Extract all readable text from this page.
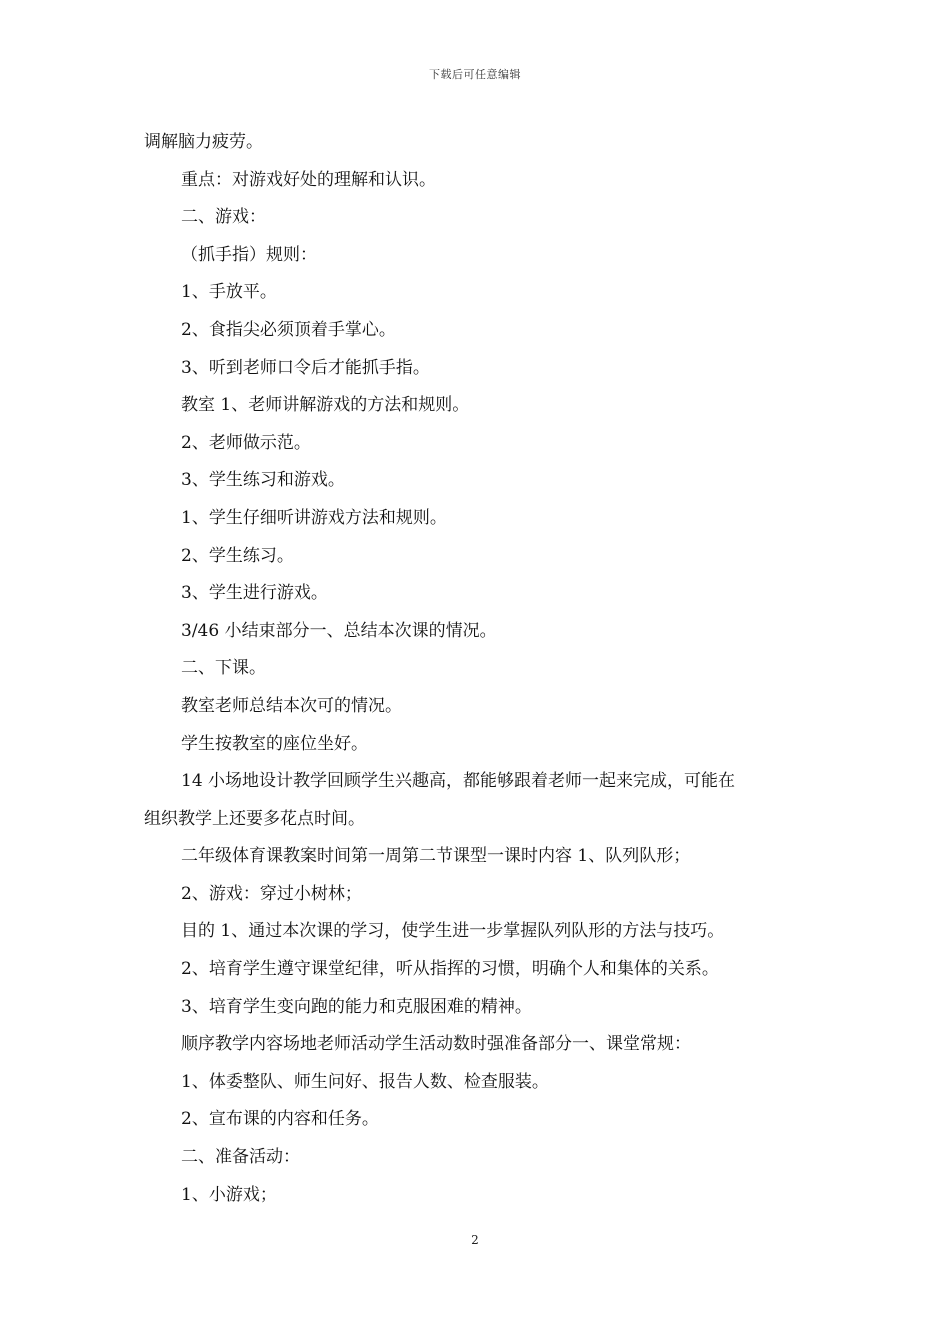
下载后可任意编辑
调解脑力疲劳。
重点：对游戏好处的理解和认识。
二、游戏：
（抓手指）规则：
1、手放平。
2、食指尖必须顶着手掌心。
3、听到老师口令后才能抓手指。
教室 1、老师讲解游戏的方法和规则。
2、老师做示范。
3、学生练习和游戏。
1、学生仔细听讲游戏方法和规则。
2、学生练习。
3、学生进行游戏。
3/46 小结束部分一、总结本次课的情况。
二、下课。
教室老师总结本次可的情况。
学生按教室的座位坐好。
14 小场地设计教学回顾学生兴趣高，都能够跟着老师一起来完成，可能在
组织教学上还要多花点时间。
二年级体育课教案时间第一周第二节课型一课时内容 1、队列队形；
2、游戏：穿过小树林；
目的 1、通过本次课的学习，使学生进一步掌握队列队形的方法与技巧。
2、培育学生遵守课堂纪律，听从指挥的习惯，明确个人和集体的关系。
3、培育学生变向跑的能力和克服困难的精神。
顺序教学内容场地老师活动学生活动数时强准备部分一、课堂常规：
1、体委整队、师生问好、报告人数、检查服装。
2、宣布课的内容和任务。
二、准备活动：
1、小游戏；
2
